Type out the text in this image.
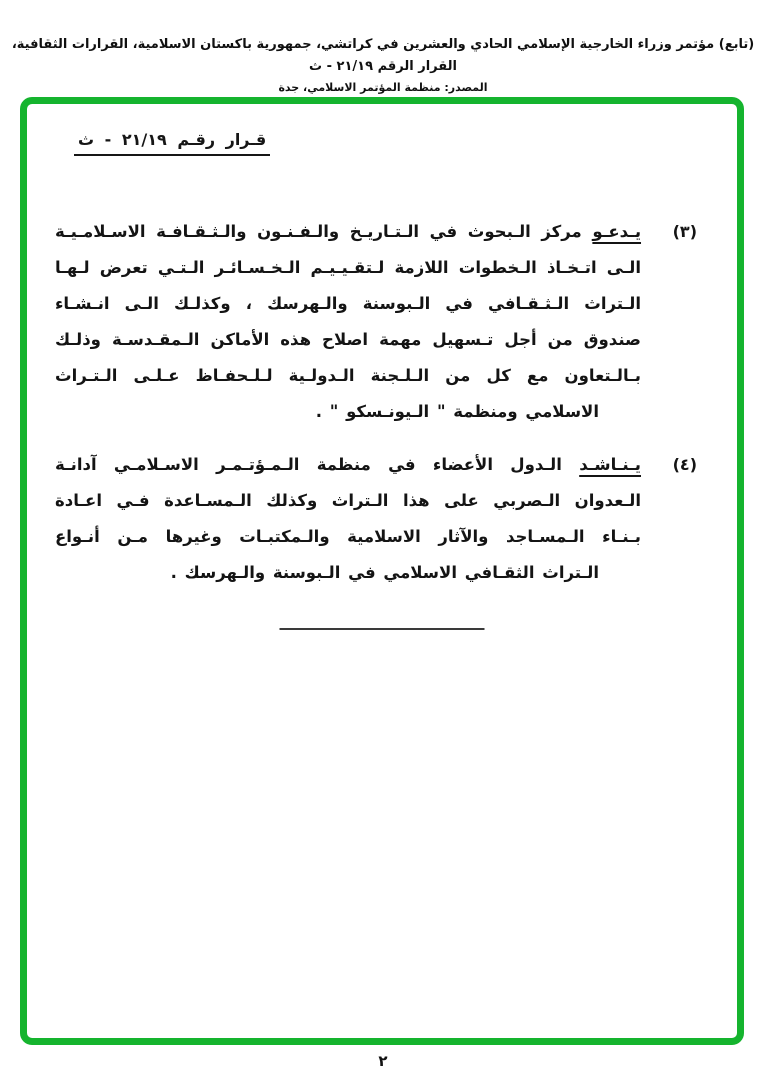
(تابع) مؤتمر وزراء الخارجية الإسلامي الحادي والعشرين في كراتشي، جمهورية باكستان الاسلامية، القرارات الثقافية، القرار الرقم ٢١/١٩ - ث
المصدر: منظمة المؤتمر الاسلامي، جدة
قـرار رقـم ٢١/١٩ - ث
(٣)
يـدعـو مركز الـبحوث في الـتـاريـخ والـفـنـون والـثـقـافـة الاسـلامـيـة
الـى اتـخـاذ الـخطوات اللازمة لـتقـيـيـم الـخـسـائـر الـتـي تعرض لـهـا
الـتراث الـثـقـافي في الـبوسنة والـهرسك ، وكذلـك الـى انـشـاء
صندوق من أجل تـسهيل مهمة اصلاح هذه الأماكن الـمقـدسـة وذلـك
بـالـتعاون مع كل من الـلـجنة الـدولـية لـلـحفـاظ عـلـى الـتـراث
الاسلامي ومنظمة " الـيونـسكو " .
(٤)
يـنـاشـد الـدول الأعضاء في منظمة الـمـؤتـمـر الاسـلامـي آدانـة
الـعدوان الـصربي على هذا الـتراث وكذلك الـمسـاعدة فـي اعـادة
بـنـاء الـمسـاجد والآثار الاسلامية والـمكتبـات وغيرها مـن أنـواع
الـتراث الثقـافي الاسلامي في الـبوسنة والـهرسك .
٢
